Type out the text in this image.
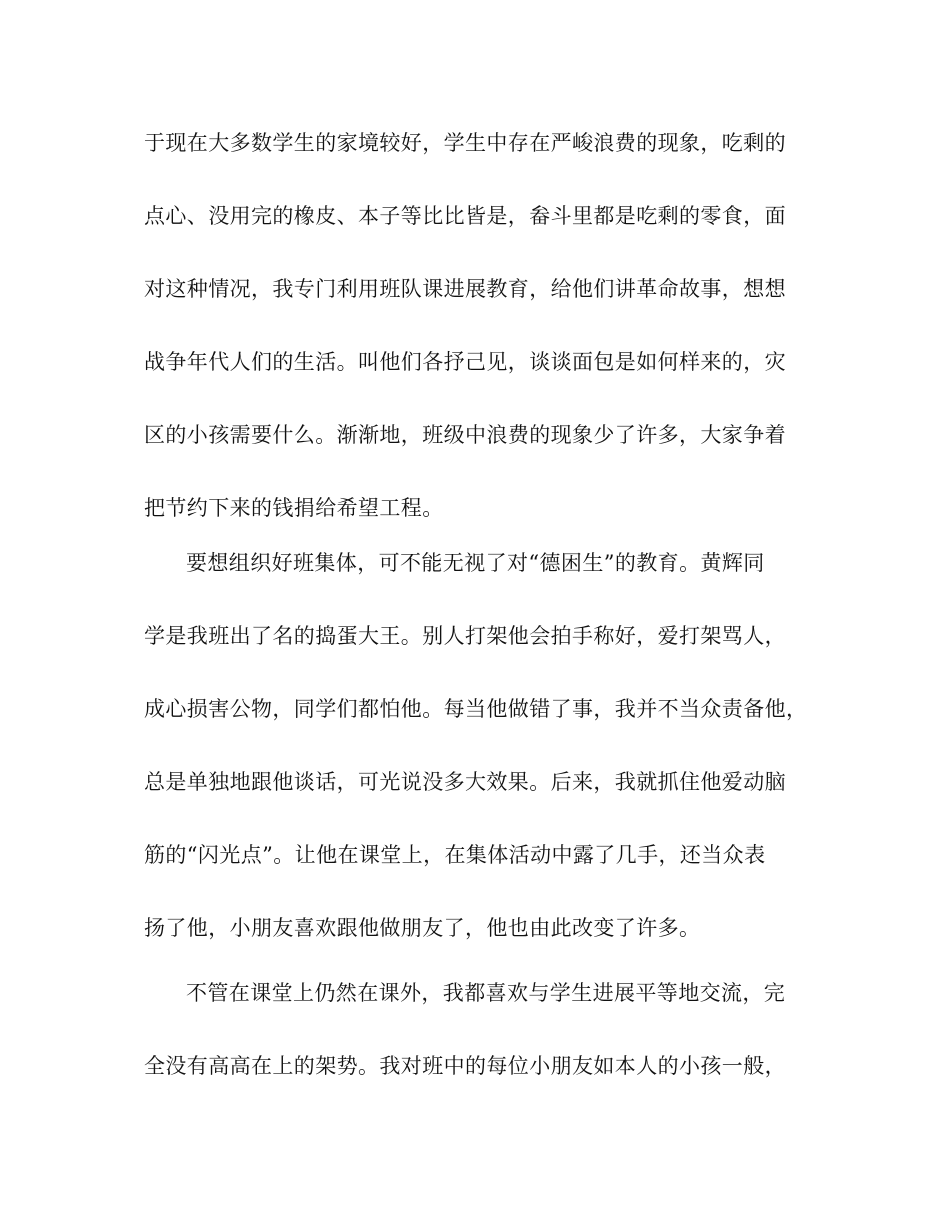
于现在大多数学生的家境较好，学生中存在严峻浪费的现象，吃剩的
点心、没用完的橡皮、本子等比比皆是，畚斗里都是吃剩的零食，面
对这种情况，我专门利用班队课进展教育，给他们讲革命故事，想想
战争年代人们的生活。叫他们各抒己见，谈谈面包是如何样来的，灾
区的小孩需要什么。渐渐地，班级中浪费的现象少了许多，大家争着
把节约下来的钱捐给希望工程。
要想组织好班集体，可不能无视了对“德困生”的教育。黄辉同
学是我班出了名的捣蛋大王。别人打架他会拍手称好，爱打架骂人，
成心损害公物，同学们都怕他。每当他做错了事，我并不当众责备他，
总是单独地跟他谈话，可光说没多大效果。后来，我就抓住他爱动脑
筋的“闪光点”。让他在课堂上，在集体活动中露了几手，还当众表
扬了他，小朋友喜欢跟他做朋友了，他也由此改变了许多。
不管在课堂上仍然在课外，我都喜欢与学生进展平等地交流，完
全没有高高在上的架势。我对班中的每位小朋友如本人的小孩一般，
